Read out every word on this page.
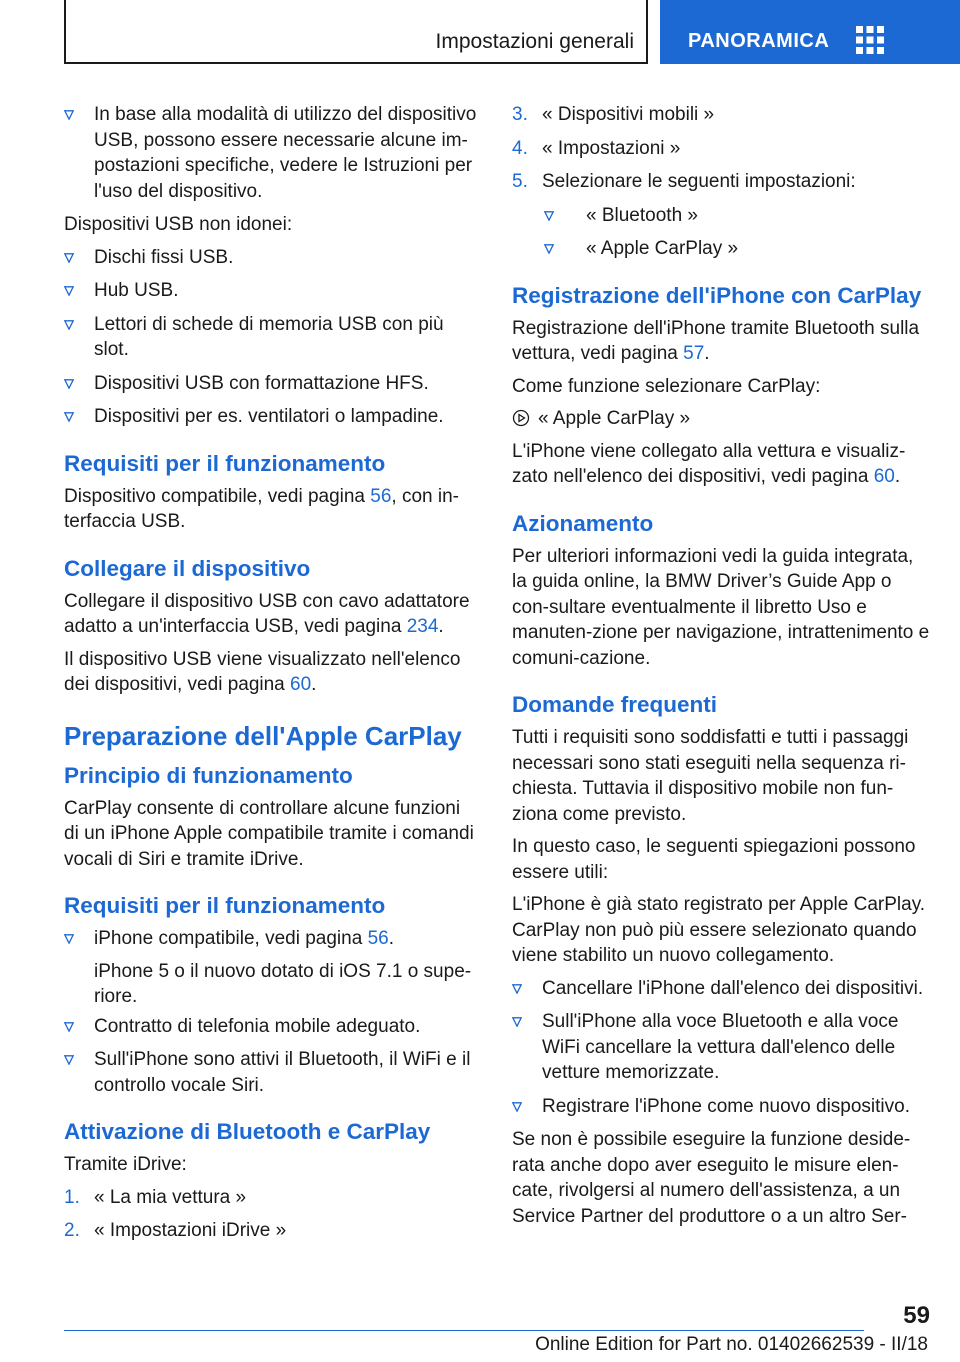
Impostazioni generali	PANORAMICA
In base alla modalità di utilizzo del dispositivo USB, possono essere necessarie alcune im-postazioni specifiche, vedere le Istruzioni per l'uso del dispositivo.

Dispositivi USB non idonei:

Dischi fissi USB.
Hub USB.
Lettori di schede di memoria USB con più slot.
Dispositivi USB con formattazione HFS.
Dispositivi per es. ventilatori o lampadine.
Requisiti per il funzionamento

Dispositivo compatibile, vedi pagina 56, con in-terfaccia USB.

Collegare il dispositivo

Collegare il dispositivo USB con cavo adattatore adatto a un'interfaccia USB, vedi pagina 234.

Il dispositivo USB viene visualizzato nell'elenco dei dispositivi, vedi pagina 60.

Preparazione dell'Apple CarPlay
Principio di funzionamento

CarPlay consente di controllare alcune funzioni di un iPhone Apple compatibile tramite i comandi vocali di Siri e tramite iDrive.

Requisiti per il funzionamento
iPhone compatibile, vedi pagina 56.
iPhone 5 o il nuovo dotato di iOS 7.1 o supe-riore.
Contratto di telefonia mobile adeguato.
Sull'iPhone sono attivi il Bluetooth, il WiFi e il controllo vocale Siri.
Attivazione di Bluetooth e CarPlay

Tramite iDrive:

1. « La mia vettura »
2. « Impostazioni iDrive »
3. « Dispositivi mobili »
4. « Impostazioni »
5. Selezionare le seguenti impostazioni:
« Bluetooth »
« Apple CarPlay »
Registrazione dell'iPhone con CarPlay

Registrazione dell'iPhone tramite Bluetooth sulla vettura, vedi pagina 57.

Come funzione selezionare CarPlay:

« Apple CarPlay »

L'iPhone viene collegato alla vettura e visualiz-zato nell'elenco dei dispositivi, vedi pagina 60.

Azionamento

Per ulteriori informazioni vedi la guida integrata, la guida online, la BMW Driver’s Guide App o con-sultare eventualmente il libretto Uso e manuten-zione per navigazione, intrattenimento e comuni-cazione.

Domande frequenti

Tutti i requisiti sono soddisfatti e tutti i passaggi necessari sono stati eseguiti nella sequenza ri-chiesta. Tuttavia il dispositivo mobile non fun-ziona come previsto.

In questo caso, le seguenti spiegazioni possono essere utili:

L'iPhone è già stato registrato per Apple CarPlay. CarPlay non può più essere selezionato quando viene stabilito un nuovo collegamento.

Cancellare l'iPhone dall'elenco dei dispositivi.
Sull'iPhone alla voce Bluetooth e alla voce WiFi cancellare la vettura dall'elenco delle vetture memorizzate.
Registrare l'iPhone come nuovo dispositivo.

Se non è possibile eseguire la funzione deside-rata anche dopo aver eseguito le misure elen-cate, rivolgersi al numero dell'assistenza, a un Service Partner del produttore o a un altro Ser-

59
Online Edition for Part no. 01402662539 - II/18
